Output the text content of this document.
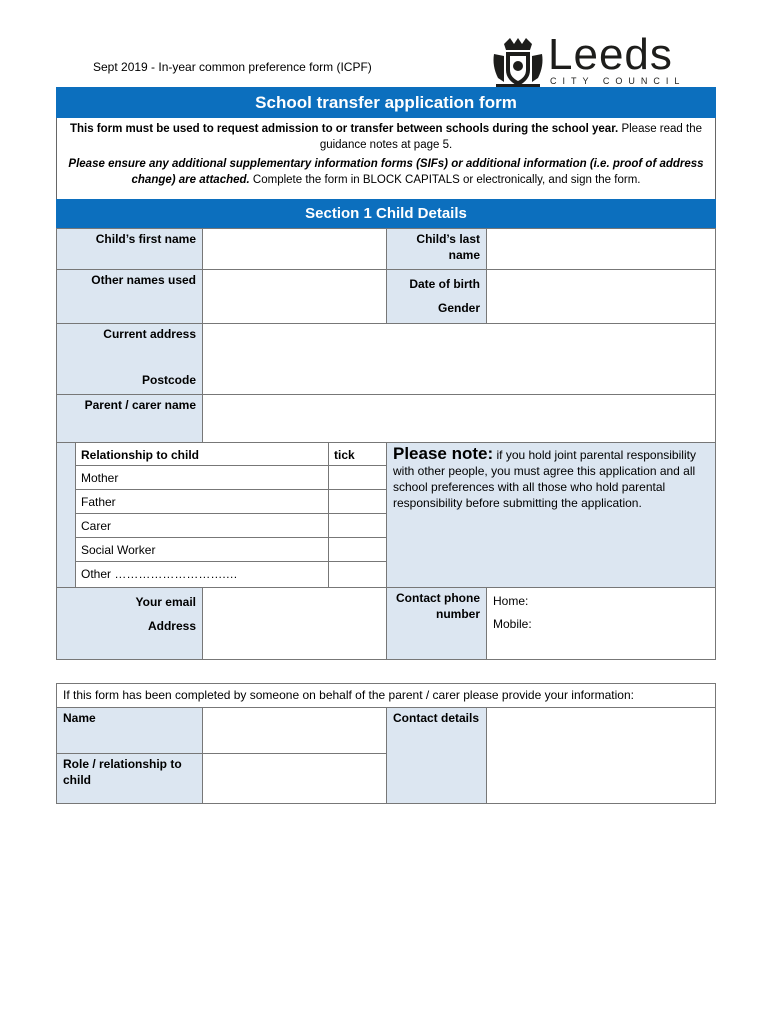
Sept 2019 - In-year common preference form (ICPF)	Leeds
CITY COUNCIL
School transfer application form

This form must be used to request admission to or transfer between schools during the school year. Please read the guidance notes at page 5.

Please ensure any additional supplementary information forms (SIFs) or additional information (i.e. proof of address change) are attached. Complete the form in BLOCK CAPITALS or electronically, and sign the form.

Section 1 Child Details
Child’s first name	Child’s last name
Other names used	Date of birth
Gender
Current address
Postcode
Parent / carer name
Relationship to child	tick
Mother
Father
Carer
Social Worker
Other ……………………….…
Please note: if you hold joint parental responsibility with other people, you must agree this application and all school preferences with all those who hold parental responsibility before submitting the application.
Your email
Address
Contact phone number
Home:
Mobile:
If this form has been completed by someone on behalf of the parent / carer please provide your information:
Name
Role / relationship to child
Contact details
